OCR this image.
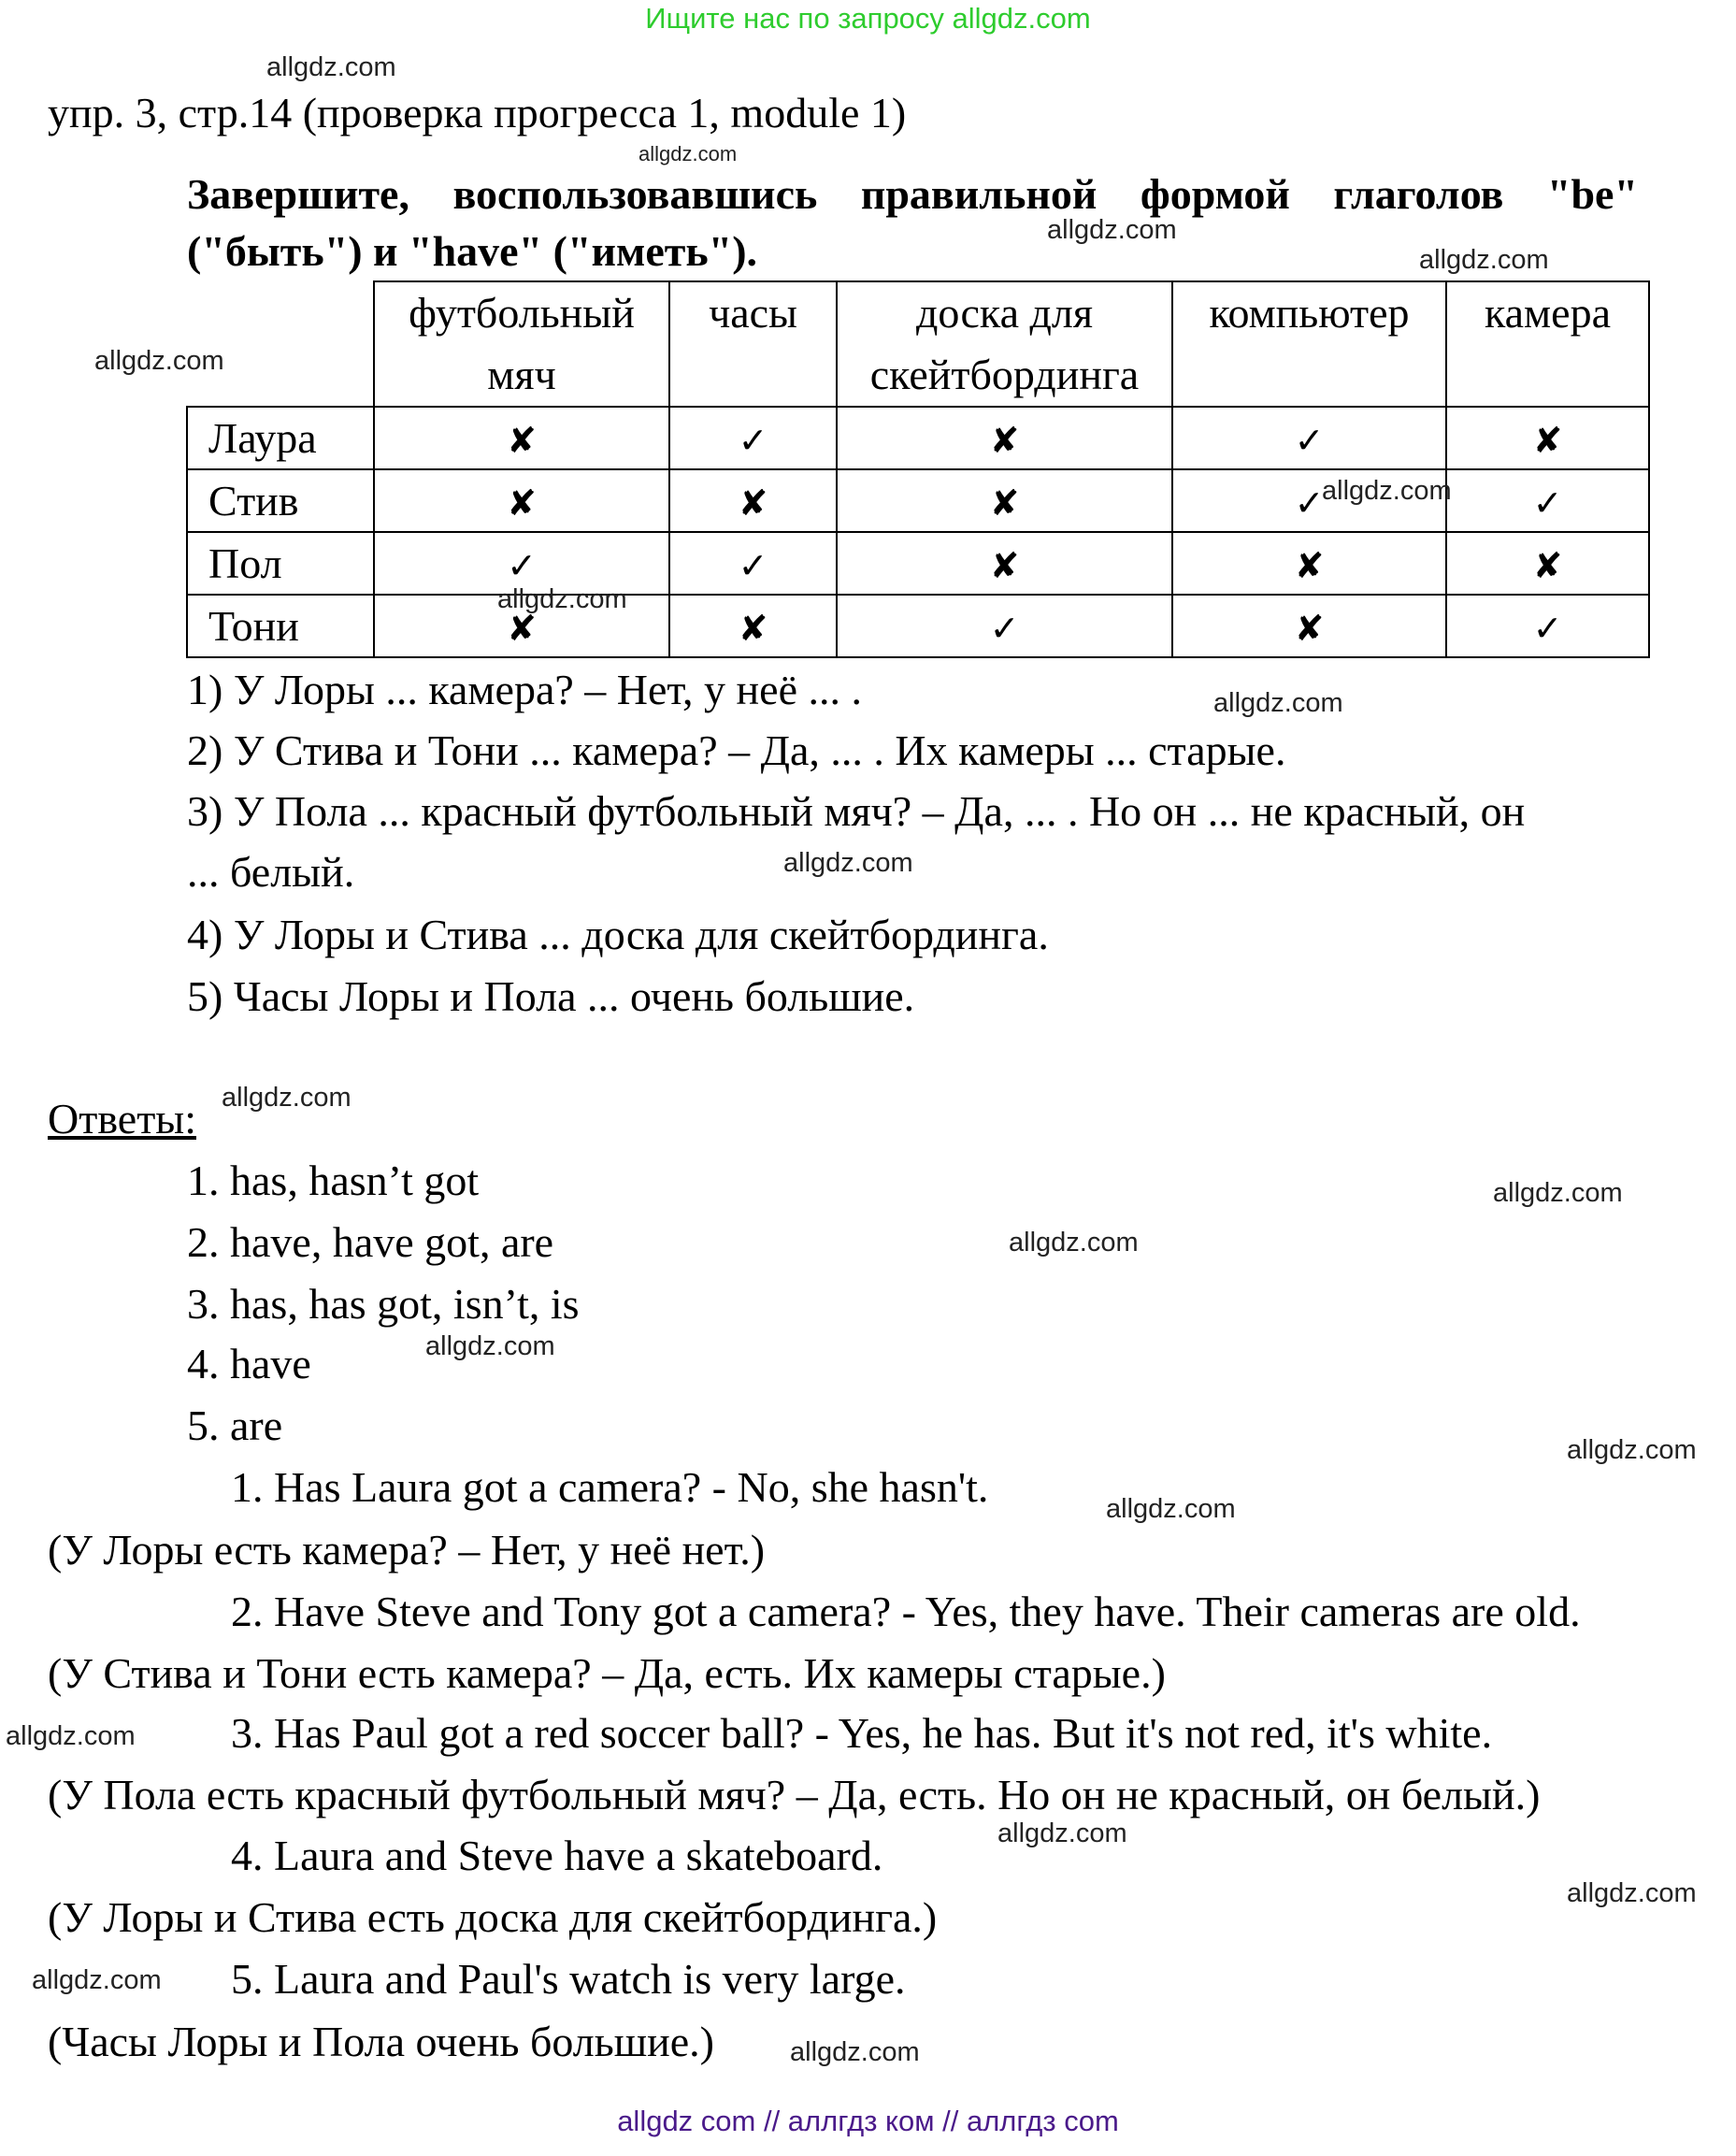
Ищите нас по запросу allgdz.com
упр. 3, стр.14 (проверка прогресса 1, module 1)
Завершите, воспользовавшись правильной формой глаголов "be"
("быть") и "have" ("иметь").
	футбольный мяч	часы	доска для скейтбординга	компьютер	камера
Лаура	✘	✓	✘	✓	✘
Стив	✘	✘	✘	✓	✓
Пол	✓	✓	✘	✘	✘
Тони	✘	✘	✓	✘	✓
1) У Лоры ... камера? – Нет, у неё ... .
2) У Стива и Тони ... камера? – Да, ... . Их камеры ... старые.
3) У Пола ... красный футбольный мяч? – Да, ... . Но он ... не красный, он
... белый.
4) У Лоры и Стива ... доска для скейтбординга.
5) Часы Лоры и Пола ... очень большие.
Ответы:
1. has, hasn’t got
2. have, have got, are
3. has, has got, isn’t, is
4. have
5. are
1. Has Laura got a camera? - No, she hasn't.
(У Лоры есть камера? – Нет, у неё нет.)
2. Have Steve and Tony got a camera? - Yes, they have. Their cameras are old.
(У Стива и Тони есть камера? – Да, есть. Их камеры старые.)
3. Has Paul got a red soccer ball? - Yes, he has. But it's not red, it's white.
(У Пола есть красный футбольный мяч? – Да, есть. Но он не красный, он белый.)
4. Laura and Steve have a skateboard.
(У Лоры и Стива есть доска для скейтбординга.)
5. Laura and Paul's watch is very large.
(Часы Лоры и Пола очень большие.)
allgdz.com
allgdz.com
allgdz.com
allgdz.com
allgdz.com
allgdz.com
allgdz.com
allgdz.com
allgdz.com
allgdz.com
allgdz.com
allgdz.com
allgdz.com
allgdz.com
allgdz.com
allgdz.com
allgdz.com
allgdz.com
allgdz.com
allgdz.com
allgdz com // аллгдз ком // аллгдз com
